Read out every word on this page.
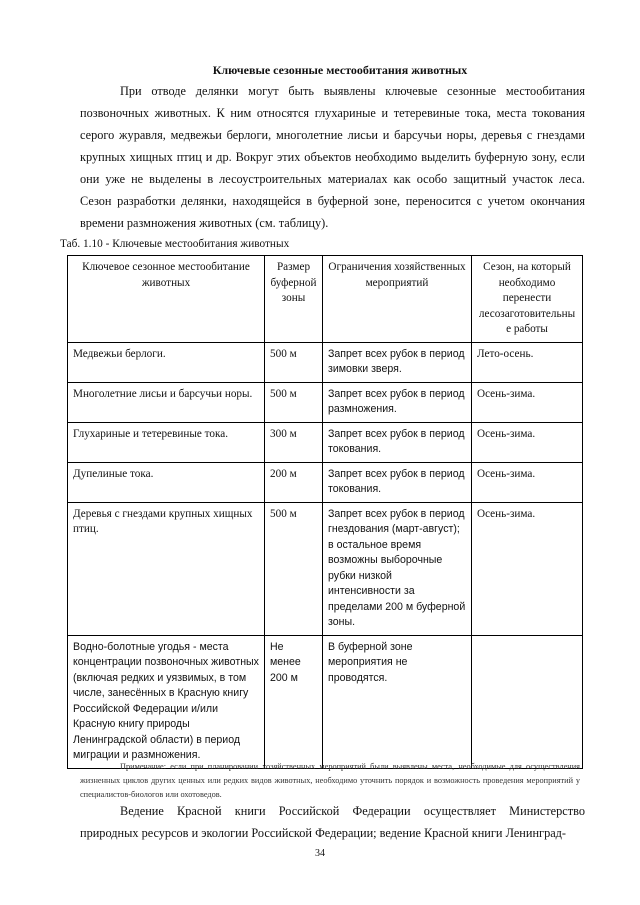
Ключевые сезонные местообитания животных

При отводе делянки могут быть выявлены ключевые сезонные местообитания позвоночных животных. К ним относятся глухариные и тетеревиные тока, места токования серого журавля, медвежьи берлоги, многолетние лисьи и барсучьи норы, деревья с гнездами крупных хищных птиц и др. Вокруг этих объектов необходимо выделить буферную зону, если они уже не выделены в лесоустроительных материалах как особо защитный участок леса. Сезон разработки делянки, находящейся в буферной зоне, переносится с учетом окончания времени размножения животных (см. таблицу).

Таб. 1.10 - Ключевые местообитания животных
Ключевое сезонное местообитание животных	Размер буферной зоны	Ограничения хозяйственных мероприятий	Сезон, на который необходимо перенести лесозаготовительные работы
Медвежьи берлоги.	500 м	Запрет всех рубок в период зимовки зверя.	Лето-осень.
Многолетние лисьи и барсучьи норы.	500 м	Запрет всех рубок в период размножения.	Осень-зима.
Глухариные и тетеревиные тока.	300 м	Запрет всех рубок в период токования.	Осень-зима.
Дупелиные тока.	200 м	Запрет всех рубок в период токования.	Осень-зима.
Деревья с гнездами крупных хищных птиц.	500 м	Запрет всех рубок в период гнездования (март-август); в остальное время возможны выборочные рубки низкой интенсивности за пределами 200 м буферной зоны.	Осень-зима.
Водно-болотные угодья - места концентрации позвоночных животных (включая редких и уязвимых, в том числе, занесённых в Красную книгу Российской Федерации и/или Красную книгу природы Ленинградской области) в период миграции и размножения.	Не менее 200 м	В буферной зоне мероприятия не проводятся.	

Примечание: если при планировании хозяйственных мероприятий были выявлены места, необходимые для осуществления жизненных циклов других ценных или редких видов животных, необходимо уточнить порядок и возможность проведения мероприятий у специалистов-биологов или охотоведов.

Ведение Красной книги Российской Федерации осуществляет Министерство природных ресурсов и экологии Российской Федерации; ведение Красной книги Ленинград-

34
